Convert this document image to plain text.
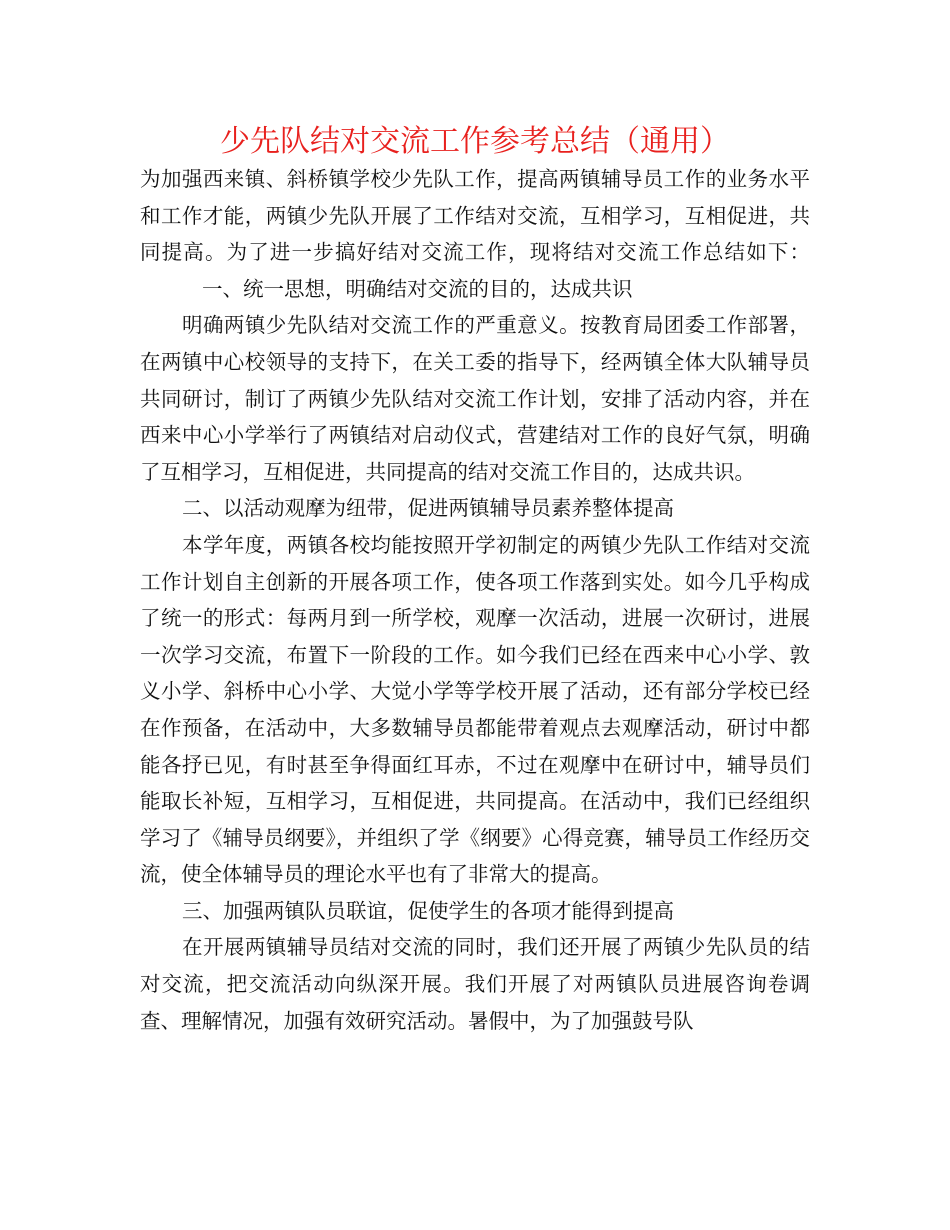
少先队结对交流工作参考总结（通用）

为加强西来镇、斜桥镇学校少先队工作，提高两镇辅导员工作的业务水平和工作才能，两镇少先队开展了工作结对交流，互相学习，互相促进，共同提高。为了进一步搞好结对交流工作，现将结对交流工作总结如下：一、统一思想，明确结对交流的目的，达成共识

明确两镇少先队结对交流工作的严重意义。按教育局团委工作部署，在两镇中心校领导的支持下，在关工委的指导下，经两镇全体大队辅导员共同研讨，制订了两镇少先队结对交流工作计划，安排了活动内容，并在西来中心小学举行了两镇结对启动仪式，营建结对工作的良好气氛，明确了互相学习，互相促进，共同提高的结对交流工作目的，达成共识。

二、以活动观摩为纽带，促进两镇辅导员素养整体提高

本学年度，两镇各校均能按照开学初制定的两镇少先队工作结对交流工作计划自主创新的开展各项工作，使各项工作落到实处。如今几乎构成了统一的形式：每两月到一所学校，观摩一次活动，进展一次研讨，进展一次学习交流，布置下一阶段的工作。如今我们已经在西来中心小学、敦义小学、斜桥中心小学、大觉小学等学校开展了活动，还有部分学校已经在作预备，在活动中，大多数辅导员都能带着观点去观摩活动，研讨中都能各抒已见，有时甚至争得面红耳赤，不过在观摩中在研讨中，辅导员们能取长补短，互相学习，互相促进，共同提高。在活动中，我们已经组织学习了《辅导员纲要》，并组织了学《纲要》心得竞赛，辅导员工作经历交流，使全体辅导员的理论水平也有了非常大的提高。

三、加强两镇队员联谊，促使学生的各项才能得到提高

在开展两镇辅导员结对交流的同时，我们还开展了两镇少先队员的结对交流，把交流活动向纵深开展。我们开展了对两镇队员进展咨询卷调查、理解情况，加强有效研究活动。暑假中，为了加强鼓号队
